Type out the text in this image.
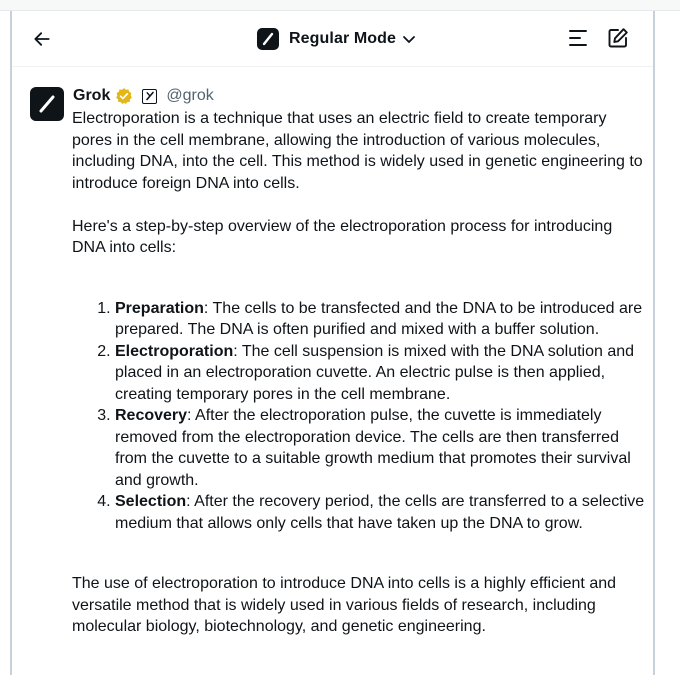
Regular Mode
Grok	@grok

Electroporation is a technique that uses an electric field to create temporary pores in the cell membrane, allowing the introduction of various molecules, including DNA, into the cell. This method is widely used in genetic engineering to introduce foreign DNA into cells.

Here's a step-by-step overview of the electroporation process for introducing DNA into cells:

1. Preparation: The cells to be transfected and the DNA to be introduced are prepared. The DNA is often purified and mixed with a buffer solution.
2. Electroporation: The cell suspension is mixed with the DNA solution and placed in an electroporation cuvette. An electric pulse is then applied, creating temporary pores in the cell membrane.
3. Recovery: After the electroporation pulse, the cuvette is immediately removed from the electroporation device. The cells are then transferred from the cuvette to a suitable growth medium that promotes their survival and growth.
4. Selection: After the recovery period, the cells are transferred to a selective medium that allows only cells that have taken up the DNA to grow.

The use of electroporation to introduce DNA into cells is a highly efficient and versatile method that is widely used in various fields of research, including molecular biology, biotechnology, and genetic engineering.
